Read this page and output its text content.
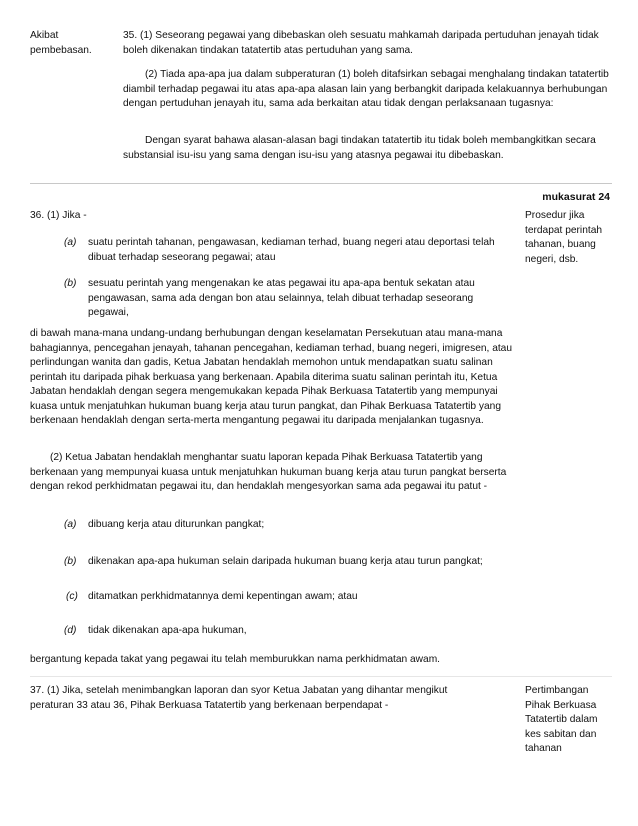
Akibat pembebasan.
35. (1) Seseorang pegawai yang dibebaskan oleh sesuatu mahkamah daripada pertuduhan jenayah tidak boleh dikenakan tindakan tatatertib atas pertuduhan yang sama.
(2) Tiada apa-apa jua dalam subperaturan (1) boleh ditafsirkan sebagai menghalang tindakan tatatertib diambil terhadap pegawai itu atas apa-apa alasan lain yang berbangkit daripada kelakuannya berhubungan dengan pertuduhan jenayah itu, sama ada berkaitan atau tidak dengan perlaksanaan tugasnya:
Dengan syarat bahawa alasan-alasan bagi tindakan tatatertib itu tidak boleh membangkitkan secara substansial isu-isu yang sama dengan isu-isu yang atasnya pegawai itu dibebaskan.
mukasurat 24
36. (1) Jika -	Prosedur jika terdapat perintah tahanan, buang negeri, dsb.
(a) suatu perintah tahanan, pengawasan, kediaman terhad, buang negeri atau deportasi telah dibuat terhadap seseorang pegawai; atau
(b) sesuatu perintah yang mengenakan ke atas pegawai itu apa-apa bentuk sekatan atau pengawasan, sama ada dengan bon atau selainnya, telah dibuat terhadap seseorang pegawai,
di bawah mana-mana undang-undang berhubungan dengan keselamatan Persekutuan atau mana-mana bahagiannya, pencegahan jenayah, tahanan pencegahan, kediaman terhad, buang negeri, imigresen, atau perlindungan wanita dan gadis, Ketua Jabatan hendaklah memohon untuk mendapatkan suatu salinan perintah itu daripada pihak berkuasa yang berkenaan. Apabila diterima suatu salinan perintah itu, Ketua Jabatan hendaklah dengan segera mengemukakan kepada Pihak Berkuasa Tatatertib yang mempunyai kuasa untuk menjatuhkan hukuman buang kerja atau turun pangkat, dan Pihak Berkuasa Tatatertib yang berkenaan hendaklah dengan serta-merta mengantung pegawai itu daripada menjalankan tugasnya.
(2) Ketua Jabatan hendaklah menghantar suatu laporan kepada Pihak Berkuasa Tatatertib yang berkenaan yang mempunyai kuasa untuk menjatuhkan hukuman buang kerja atau turun pangkat berserta dengan rekod perkhidmatan pegawai itu, dan hendaklah mengesyorkan sama ada pegawai itu patut -
(a) dibuang kerja atau diturunkan pangkat;
(b) dikenakan apa-apa hukuman selain daripada hukuman buang kerja atau turun pangkat;
(c) ditamatkan perkhidmatannya demi kepentingan awam; atau
(d) tidak dikenakan apa-apa hukuman,
bergantung kepada takat yang pegawai itu telah memburukkan nama perkhidmatan awam.
37. (1) Jika, setelah menimbangkan laporan dan syor Ketua Jabatan yang dihantar mengikut peraturan 33 atau 36, Pihak Berkuasa Tatatertib yang berkenaan berpendapat -
Pertimbangan Pihak Berkuasa Tatatertib dalam kes sabitan dan tahanan
